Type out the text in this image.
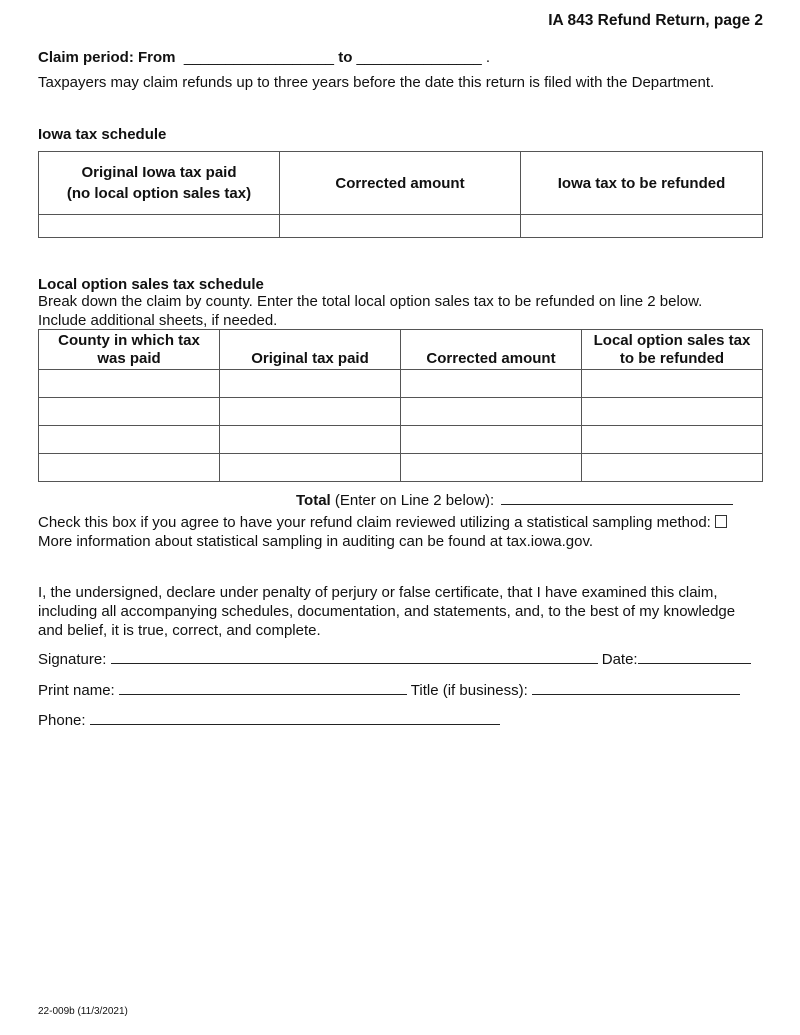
IA 843 Refund Return, page 2
Claim period: From __________________ to _______________ .
Taxpayers may claim refunds up to three years before the date this return is filed with the Department.
Iowa tax schedule
Original Iowa tax paid
(no local option sales tax)	Corrected amount	Iowa tax to be refunded

Local option sales tax schedule
Break down the claim by county. Enter the total local option sales tax to be refunded on line 2 below.
Include additional sheets, if needed.
County in which tax
was paid	Original tax paid	Corrected amount	Local option sales tax
to be refunded

Total (Enter on Line 2 below):
Check this box if you agree to have your refund claim reviewed utilizing a statistical sampling method:
More information about statistical sampling in auditing can be found at tax.iowa.gov.
I, the undersigned, declare under penalty of perjury or false certificate, that I have examined this claim,
including all accompanying schedules, documentation, and statements, and, to the best of my knowledge
and belief, it is true, correct, and complete.
Signature:	Date:
Print name:	Title (if business):
Phone:
22-009b (11/3/2021)
